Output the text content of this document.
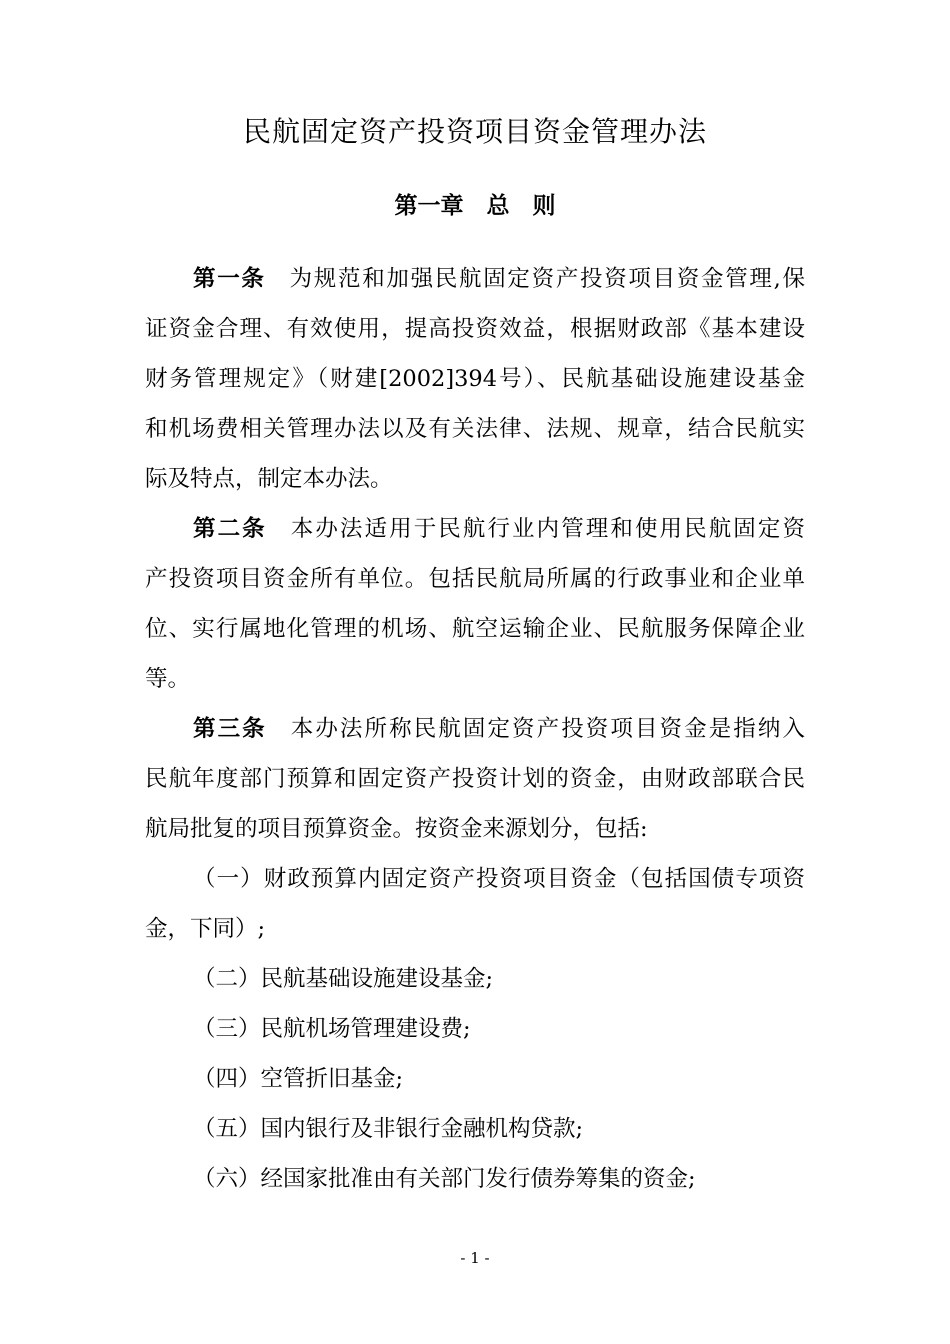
民航固定资产投资项目资金管理办法
第一章　总　则
第一条 为规范和加强民航固定资产投资项目资金管理,保
证资金合理、有效使用，提高投资效益，根据财政部《基本建设
财务管理规定》（财建[2002]394号）、民航基础设施建设基金
和机场费相关管理办法以及有关法律、法规、规章，结合民航实
际及特点，制定本办法。
第二条 本办法适用于民航行业内管理和使用民航固定资
产投资项目资金所有单位。包括民航局所属的行政事业和企业单
位、实行属地化管理的机场、航空运输企业、民航服务保障企业
等。
第三条 本办法所称民航固定资产投资项目资金是指纳入
民航年度部门预算和固定资产投资计划的资金，由财政部联合民
航局批复的项目预算资金。按资金来源划分，包括:
（一）财政预算内固定资产投资项目资金（包括国债专项资
金，下同）;
（二）民航基础设施建设基金;
（三）民航机场管理建设费;
（四）空管折旧基金;
（五）国内银行及非银行金融机构贷款;
（六）经国家批准由有关部门发行债券筹集的资金;
- 1 -
